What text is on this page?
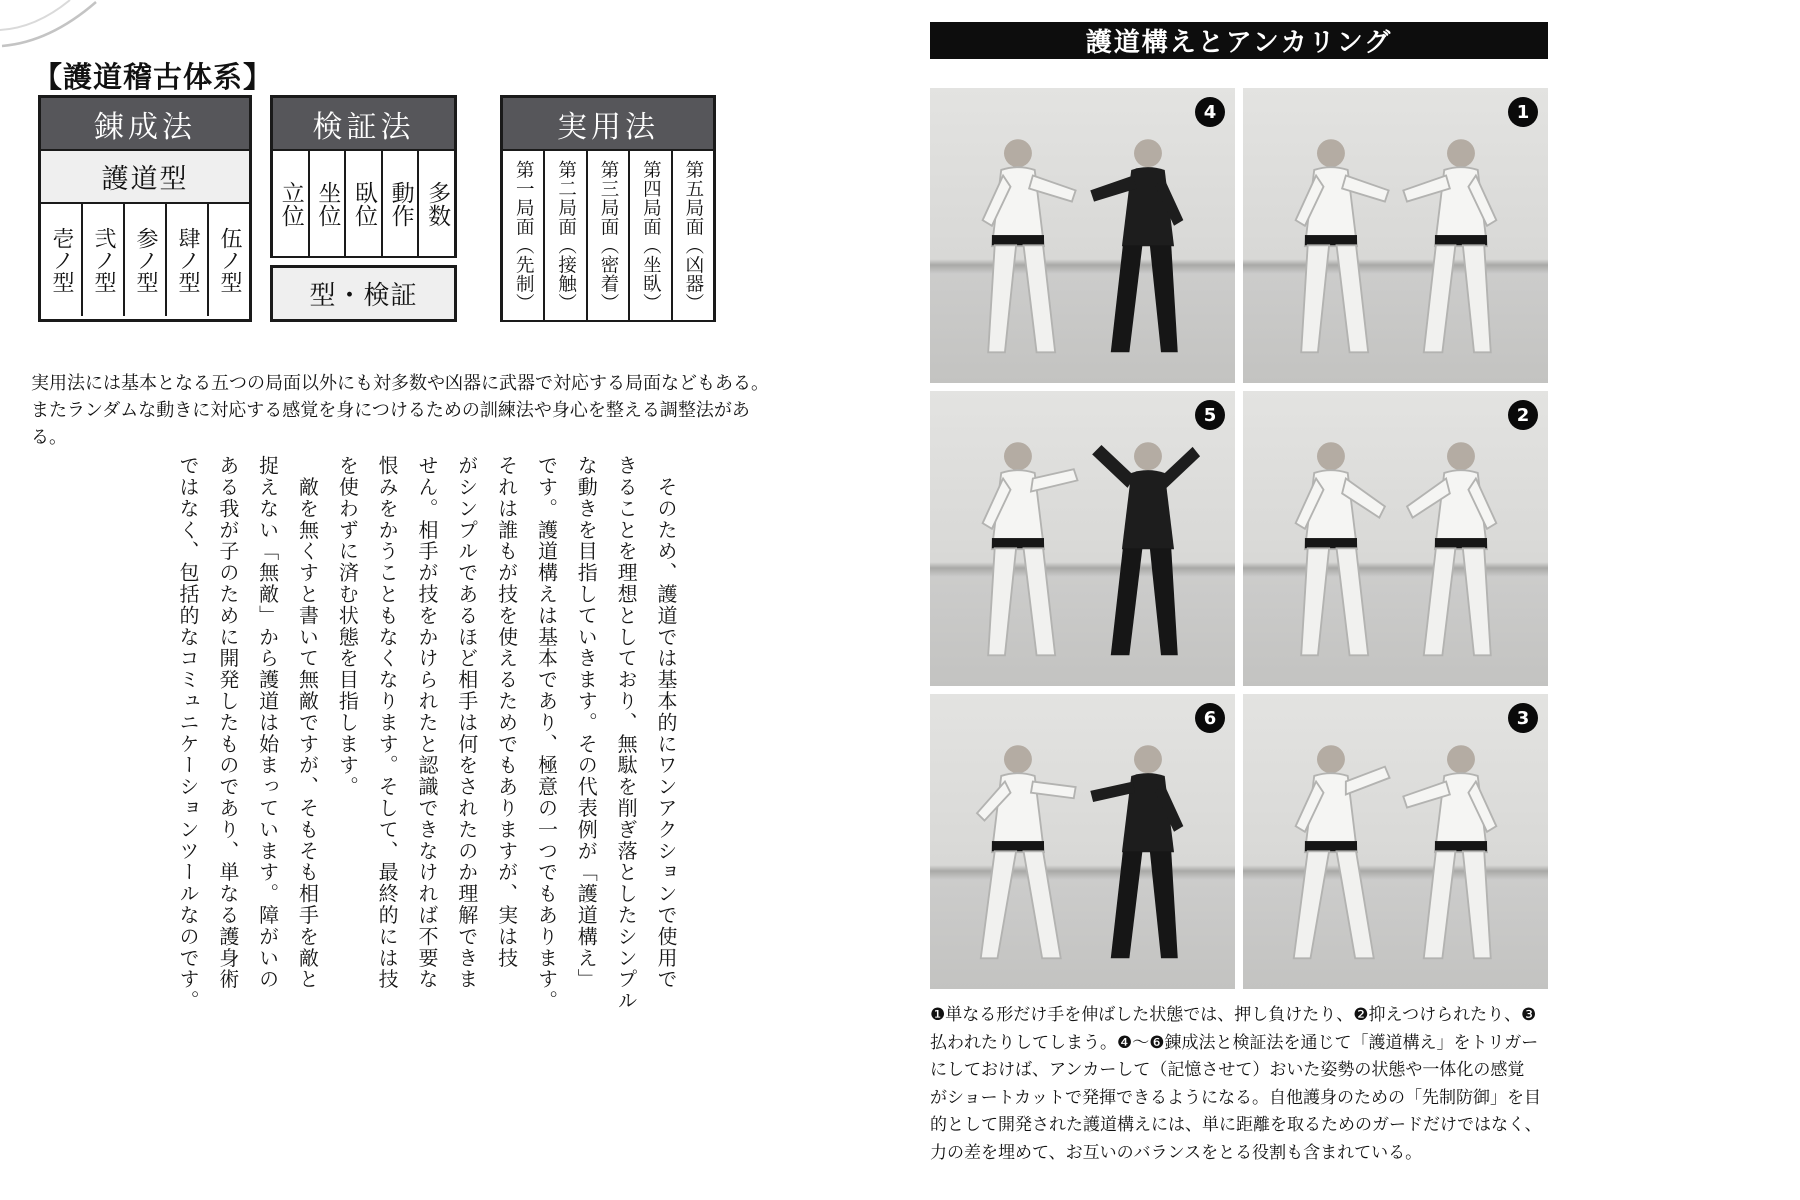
【護道稽古体系】
錬成法
護道型
壱ノ型 弐ノ型 参ノ型 肆ノ型 伍ノ型
検証法
立位 坐位 臥位 動作 多数
型・検証
実用法
第一局面（先制） 第二局面（接触） 第三局面（密着） 第四局面（坐臥） 第五局面（凶器）
実用法には基本となる五つの局面以外にも対多数や凶器に武器で対応する局面などもある。
またランダムな動きに対応する感覚を身につけるための訓練法や身心を整える調整法がある。
　そのため、護道では基本的にワンアクションで使用で
きることを理想としており、無駄を削ぎ落としたシンプル
な動きを目指していきます。その代表例が「護道構え」
です。護道構えは基本であり、極意の一つでもあります。
それは誰もが技を使えるためでもありますが、実は技
がシンプルであるほど相手は何をされたのか理解できま
せん。相手が技をかけられたと認識できなければ不要な
恨みをかうこともなくなります。そして、最終的には技
を使わずに済む状態を目指します。
　敵を無くすと書いて無敵ですが、そもそも相手を敵と
捉えない「無敵」から護道は始まっています。障がいの
ある我が子のために開発したものであり、単なる護身術
ではなく、包括的なコミュニケーションツールなのです。
護道構えとアンカリング
4	1
5	2
6	3
❶単なる形だけ手を伸ばした状態では、押し負けたり、❷抑えつけられたり、❸
払われたりしてしまう。❹〜❻錬成法と検証法を通じて「護道構え」をトリガー
にしておけば、アンカーして（記憶させて）おいた姿勢の状態や一体化の感覚
がショートカットで発揮できるようになる。自他護身のための「先制防御」を目
的として開発された護道構えには、単に距離を取るためのガードだけではなく、
力の差を埋めて、お互いのバランスをとる役割も含まれている。
